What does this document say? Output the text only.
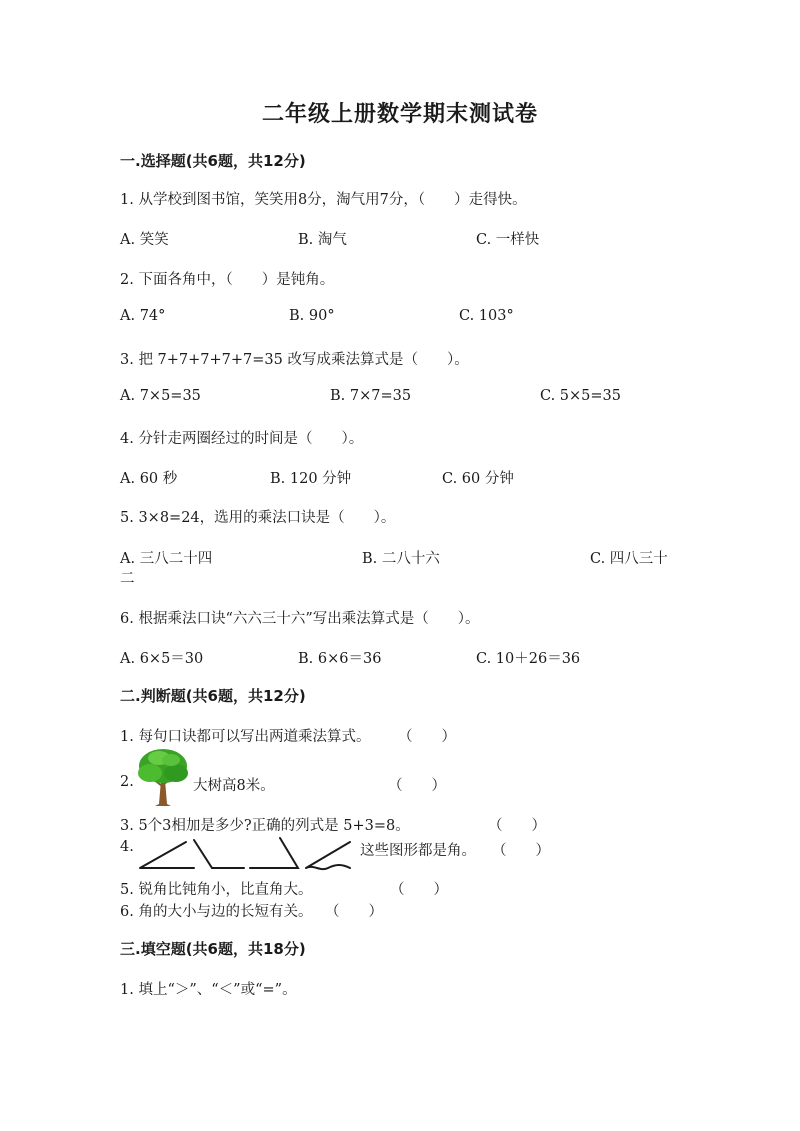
二年级上册数学期末测试卷
一.选择题(共6题，共12分)
1. 从学校到图书馆，笑笑用8分，淘气用7分，（　　）走得快。
A. 笑笑	B. 淘气	C. 一样快
2. 下面各角中，（　　）是钝角。
A. 74°	B. 90°	C. 103°
3. 把 7+7+7+7+7=35 改写成乘法算式是（　　）。
A. 7×5=35	B. 7×7=35	C. 5×5=35
4. 分针走两圈经过的时间是（　　）。
A. 60 秒	B. 120 分钟	C. 60 分钟
5. 3×8=24，选用的乘法口诀是（　　）。
A. 三八二十四	B. 二八十六	C. 四八三十
二
6. 根据乘法口诀“六六三十六”写出乘法算式是（　　）。
A. 6×5＝30	B. 6×6＝36	C. 10＋26＝36
二.判断题(共6题，共12分)
1. 每句口诀都可以写出两道乘法算式。 （　　）
2.	大树高8米。	（　　）
3. 5个3相加是多少?正确的列式是 5+3=8。	（　　）
4.	这些图形都是角。 （　　）
5. 锐角比钝角小，比直角大。	（　　）
6. 角的大小与边的长短有关。 （　　）
三.填空题(共6题，共18分)
1. 填上“＞”、“＜”或“=”。
